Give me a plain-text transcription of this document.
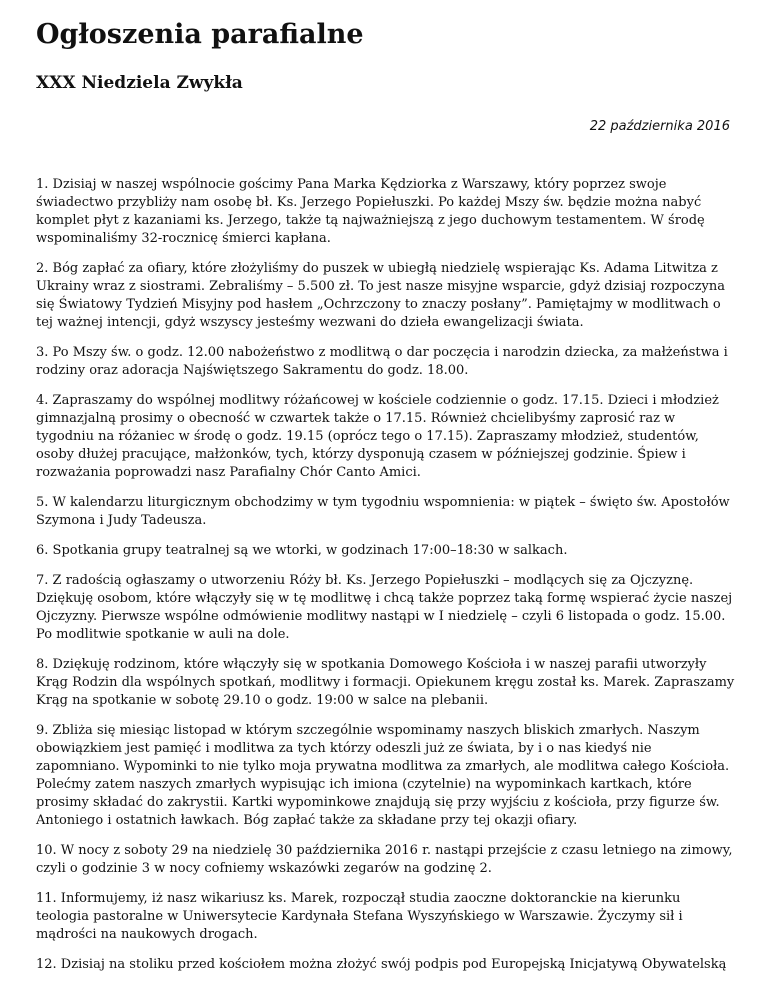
Ogłoszenia parafialne
XXX Niedziela Zwykła
22 października 2016

1. Dzisiaj w naszej wspólnocie gościmy Pana Marka Kędziorka z Warszawy, który poprzez swoje świadectwo przybliży nam osobę bł. Ks. Jerzego Popiełuszki. Po każdej Mszy św. będzie można nabyć komplet płyt z kazaniami ks. Jerzego, także tą najważniejszą z jego duchowym testamentem. W środę wspominaliśmy 32-rocznicę śmierci kapłana.

2. Bóg zapłać za ofiary, które złożyliśmy do puszek w ubiegłą niedzielę wspierając Ks. Adama Litwitza z Ukrainy wraz z siostrami. Zebraliśmy – 5.500 zł. To jest nasze misyjne wsparcie, gdyż dzisiaj rozpoczyna się Światowy Tydzień Misyjny pod hasłem „Ochrzczony to znaczy posłany”. Pamiętajmy w modlitwach o tej ważnej intencji, gdyż wszyscy jesteśmy wezwani do dzieła ewangelizacji świata.

3. Po Mszy św. o godz. 12.00 nabożeństwo z modlitwą o dar poczęcia i narodzin dziecka, za małżeństwa i rodziny oraz adoracja Najświętszego Sakramentu do godz. 18.00.

4. Zapraszamy do wspólnej modlitwy różańcowej w kościele codziennie o godz. 17.15. Dzieci i młodzież gimnazjalną prosimy o obecność w czwartek także o 17.15. Również chcielibyśmy zaprosić raz w tygodniu na różaniec w środę o godz. 19.15 (oprócz tego o 17.15). Zapraszamy młodzież, studentów, osoby dłużej pracujące, małżonków, tych, którzy dysponują czasem w późniejszej godzinie. Śpiew i rozważania poprowadzi nasz Parafialny Chór Canto Amici.

5. W kalendarzu liturgicznym obchodzimy w tym tygodniu wspomnienia: w piątek – święto św. Apostołów Szymona i Judy Tadeusza.

6. Spotkania grupy teatralnej są we wtorki, w godzinach 17:00–18:30 w salkach.

7. Z radością ogłaszamy o utworzeniu Róży bł. Ks. Jerzego Popiełuszki – modlących się za Ojczyznę. Dziękuję osobom, które włączyły się w tę modlitwę i chcą także poprzez taką formę wspierać życie naszej Ojczyzny. Pierwsze wspólne odmówienie modlitwy nastąpi w I niedzielę – czyli 6 listopada o godz. 15.00. Po modlitwie spotkanie w auli na dole.

8. Dziękuję rodzinom, które włączyły się w spotkania Domowego Kościoła i w naszej parafii utworzyły Krąg Rodzin dla wspólnych spotkań, modlitwy i formacji. Opiekunem kręgu został ks. Marek. Zapraszamy Krąg na spotkanie w sobotę 29.10 o godz. 19:00 w salce na plebanii.

9. Zbliża się miesiąc listopad w którym szczególnie wspominamy naszych bliskich zmarłych. Naszym obowiązkiem jest pamięć i modlitwa za tych którzy odeszli już ze świata, by i o nas kiedyś nie zapomniano. Wypominki to nie tylko moja prywatna modlitwa za zmarłych, ale modlitwa całego Kościoła. Polećmy zatem naszych zmarłych wypisując ich imiona (czytelnie) na wypominkach kartkach, które prosimy składać do zakrystii. Kartki wypominkowe znajdują się przy wyjściu z kościoła, przy figurze św. Antoniego i ostatnich ławkach. Bóg zapłać także za składane przy tej okazji ofiary.

10. W nocy z soboty 29 na niedzielę 30 października 2016 r. nastąpi przejście z czasu letniego na zimowy, czyli o godzinie 3 w nocy cofniemy wskazówki zegarów na godzinę 2.

11. Informujemy, iż nasz wikariusz ks. Marek, rozpoczął studia zaoczne doktoranckie na kierunku teologia pastoralne w Uniwersytecie Kardynała Stefana Wyszyńskiego w Warszawie. Życzymy sił i mądrości na naukowych drogach.

12. Dzisiaj na stoliku przed kościołem można złożyć swój podpis pod Europejską Inicjatywą Obywatelską
